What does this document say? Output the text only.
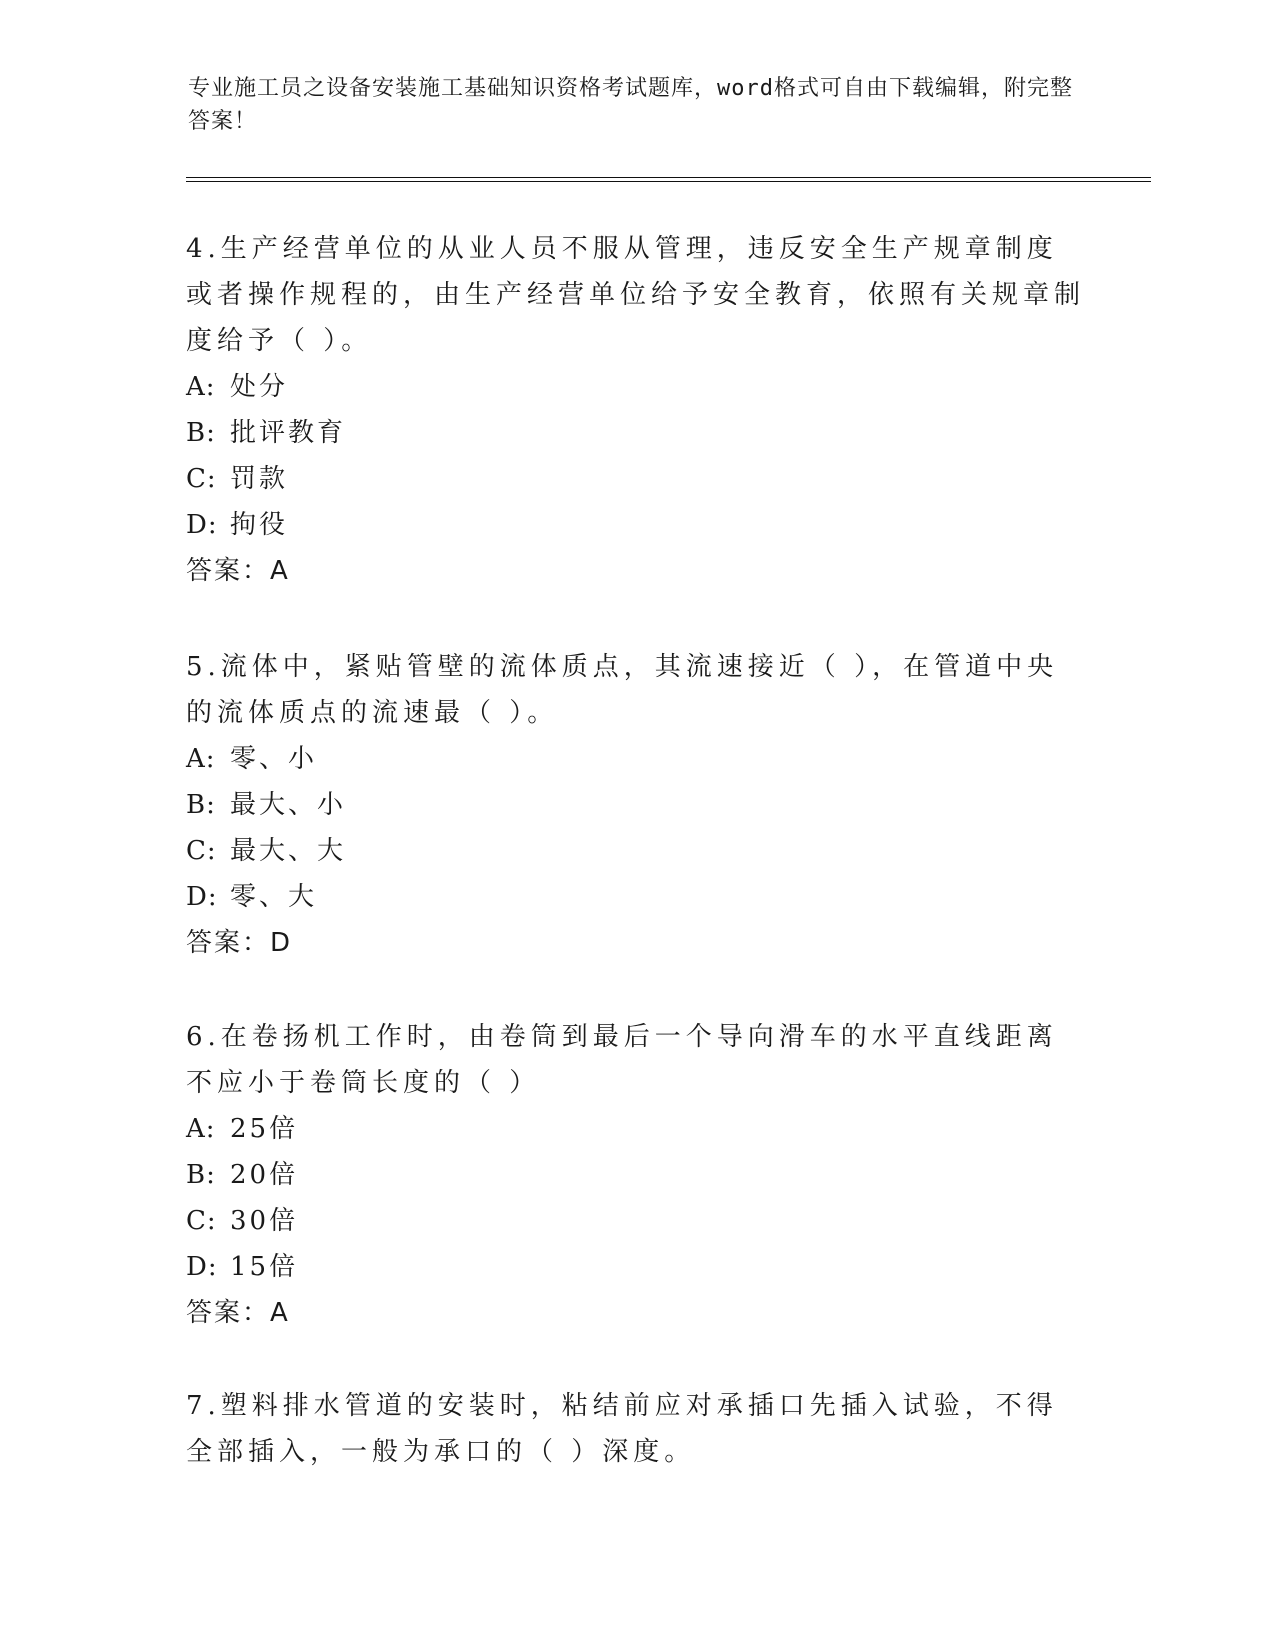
专业施工员之设备安装施工基础知识资格考试题库，word格式可自由下载编辑，附完整答案！
4.生产经营单位的从业人员不服从管理，违反安全生产规章制度或者操作规程的，由生产经营单位给予安全教育，依照有关规章制度给予（ ）。
A: 处分
B: 批评教育
C: 罚款
D: 拘役
答案：A
5.流体中，紧贴管壁的流体质点，其流速接近（ ），在管道中央的流体质点的流速最（ ）。
A: 零、小
B: 最大、小
C: 最大、大
D: 零、大
答案：D
6.在卷扬机工作时，由卷筒到最后一个导向滑车的水平直线距离不应小于卷筒长度的（ ）
A: 25倍
B: 20倍
C: 30倍
D: 15倍
答案：A
7.塑料排水管道的安装时，粘结前应对承插口先插入试验，不得全部插入，一般为承口的（ ）深度。
